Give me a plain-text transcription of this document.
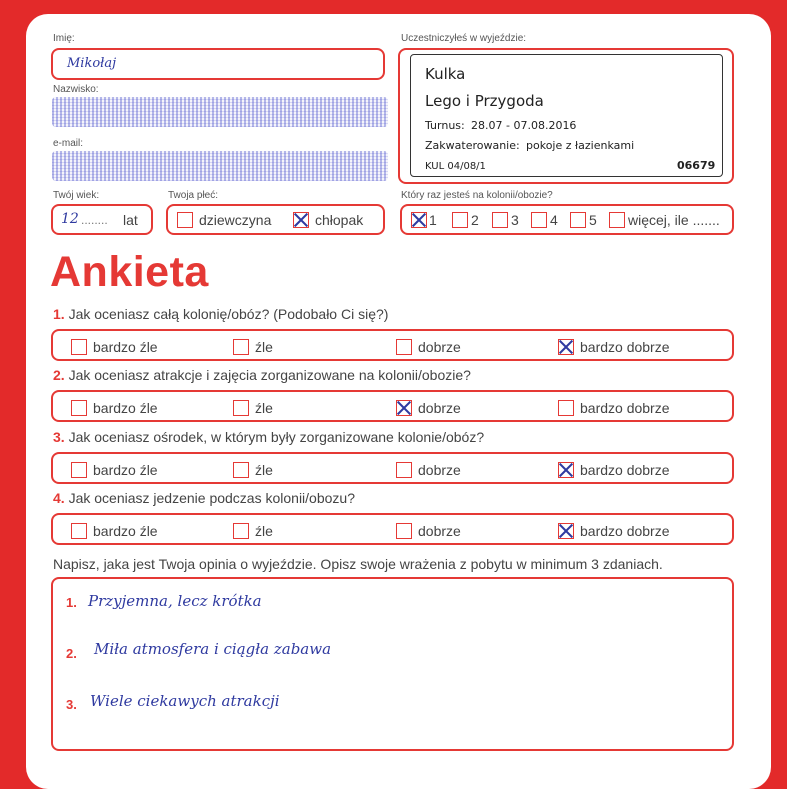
Imię:
Mikołaj
Nazwisko:
e-mail:
Uczestniczyłeś w wyjeździe:
Kulka
Lego i Przygoda
Turnus: 28.07 - 07.08.2016
Zakwaterowanie: pokoje z łazienkami
KUL 04/08/1	06679
Twój wiek:
12 ........ lat
Twoja płeć:
dziewczyna	chłopak
Który raz jesteś na kolonii/obozie?
1	2	3	4	5	więcej, ile .......
Ankieta
1. Jak oceniasz całą kolonię/obóz? (Podobało Ci się?)
bardzo źle	źle	dobrze	bardzo dobrze
2. Jak oceniasz atrakcje i zajęcia zorganizowane na kolonii/obozie?
bardzo źle	źle	dobrze	bardzo dobrze
3. Jak oceniasz ośrodek, w którym były zorganizowane kolonie/obóz?
bardzo źle	źle	dobrze	bardzo dobrze
4. Jak oceniasz jedzenie podczas kolonii/obozu?
bardzo źle	źle	dobrze	bardzo dobrze
Napisz, jaka jest Twoja opinia o wyjeździe. Opisz swoje wrażenia z pobytu w minimum 3 zdaniach.
1. Przyjemna, lecz krótka
2. Miła atmosfera i ciągła zabawa
3. Wiele ciekawych atrakcji
